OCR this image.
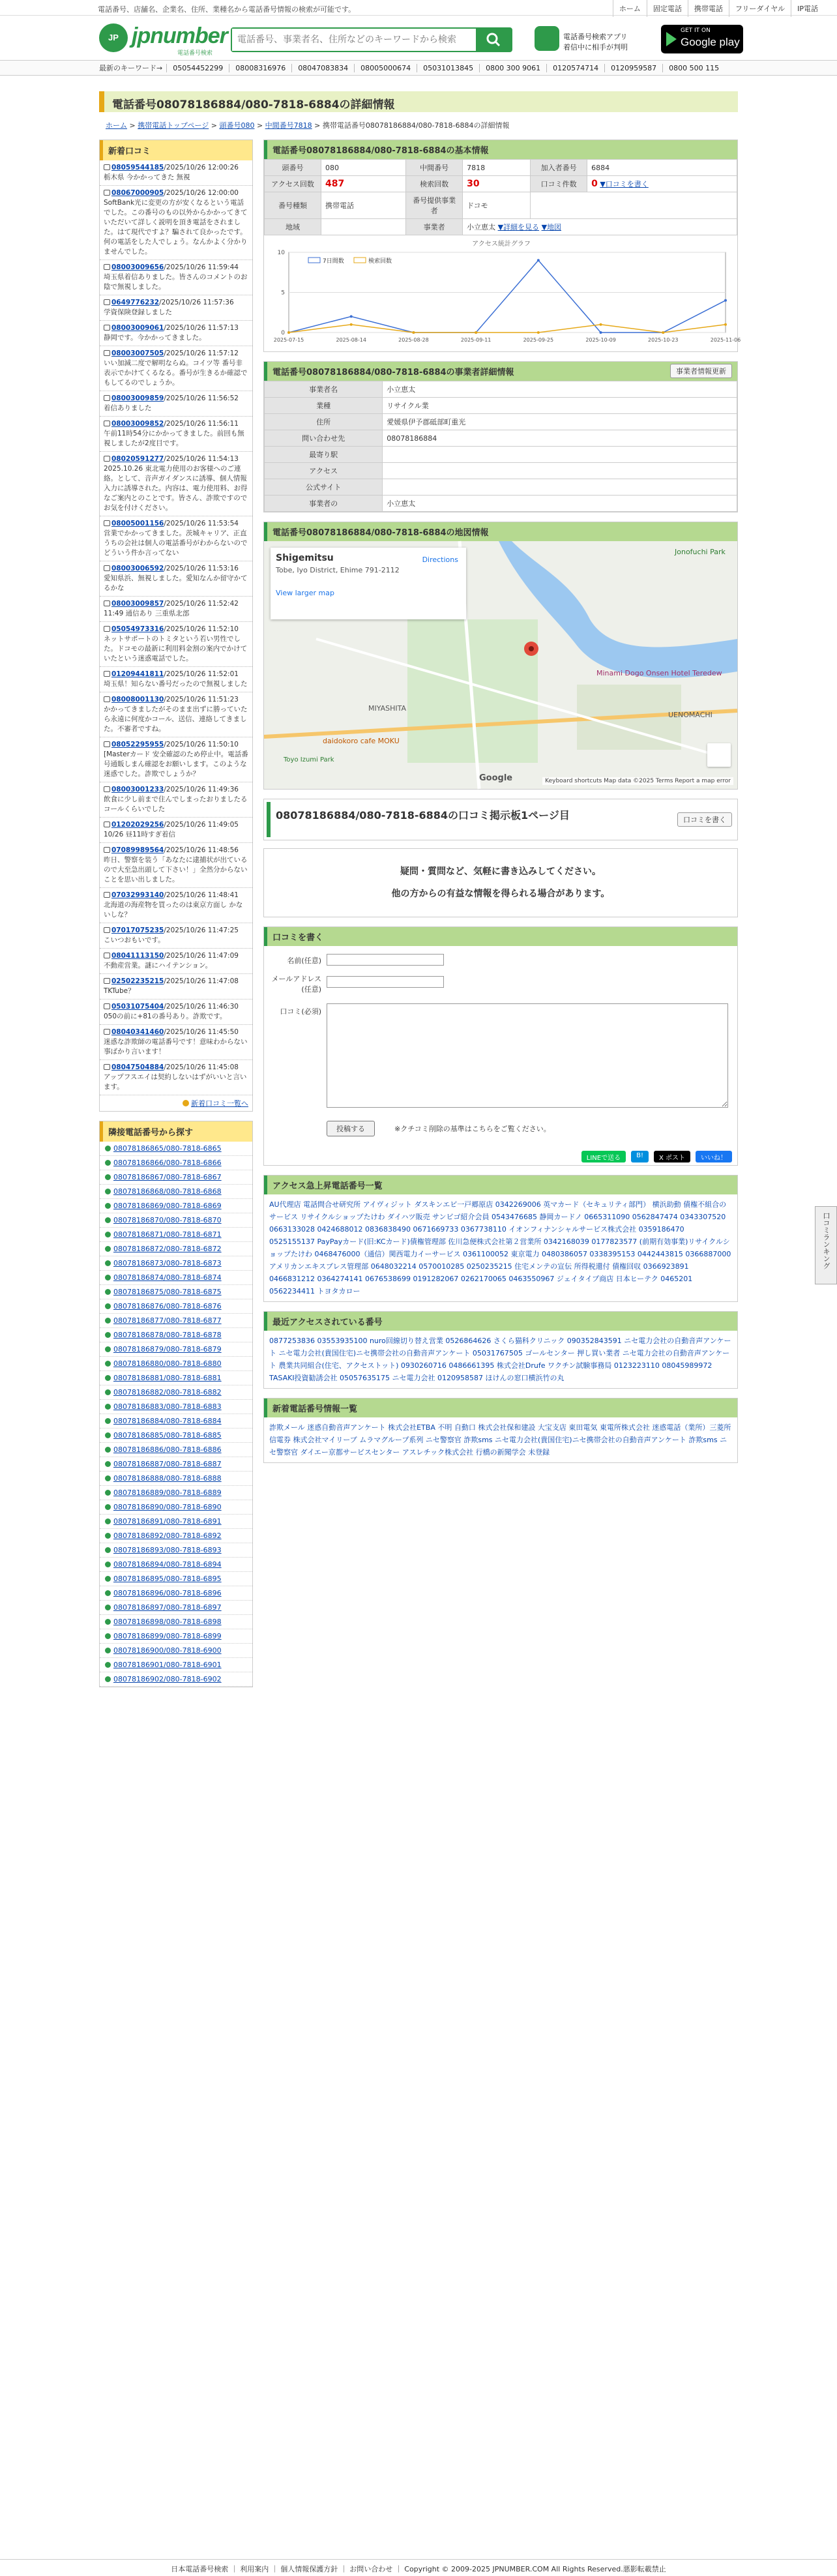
電話番号、店舗名、企業名、住所、業種名から電話番号情報の検索が可能です。	ホーム	固定電話	携帯電話	フリーダイヤル	IP電話
JP jpnumber
電話番号検索
電話番号、事業者名、住所などのキーワードから検索
電話番号検索アプリ
着信中に相手が判明
GET IT ON
Google play
最新のキーワード→	05054452299	08008316976	08047083834	08005000674	05031013845	0800 300 9061	0120574714	0120959587	0800 500 115
電話番号08078186884/080-7818-6884の詳細情報
ホーム > 携帯電話トップページ > 頭番号080 > 中間番号7818 > 携帯電話番号08078186884/080-7818-6884の詳細情報
新着口コミ
08059544185/2025/10/26 12:00:26
栃木県 今かかってきた 無視
08067000905/2025/10/26 12:00:00
SoftBank光に変更の方が安くなるという電話でした。この番号のもの以外からかかってきていただいて詳しく説明を頂き電話をされました。はて現代ですよ？騙されて良かったです。何の電話をした人でしょう。なんかよく分かりませんでした。
08003009656/2025/10/26 11:59:44
埼玉県着信ありました。皆さんのコメントのお陰で無視しました。
0649776232/2025/10/26 11:57:36
学資保険登録しました
08003009061/2025/10/26 11:57:13
静岡です。今かかってきました。
08003007505/2025/10/26 11:57:12
いい加減二度で解明ならぬ。コイツ等 番号非表示でかけてくるなる。番号が生きるか確認でもしてるのでしょうか。
08003009859/2025/10/26 11:56:52
着信ありました
08003009852/2025/10/26 11:56:11
午前11時54分にかかってきました。前回も無視しましたが2度目です。
08020591277/2025/10/26 11:54:13
2025.10.26 東北電力使用のお客様へのご連絡。として、音声ガイダンスに誘導、個人情報入力に誘導された。内容は、電力使用料、お得なご案内とのことです。皆さん、詐欺ですのでお気を付けください。
08005001156/2025/10/26 11:53:54
営業でかかってきました。茨城キャリア、正直うちの会社は個人の電話番号がわからないのでどういう件か言ってない
08003006592/2025/10/26 11:53:16
愛知県浜、無視しました。愛知なんか留守かてるかな
08003009857/2025/10/26 11:52:42
11:49 通信あり 三重県北部
05054973316/2025/10/26 11:52:10
ネットサポートのトミタという若い男性でした。ドコモの最新に利用料金割の案内でかけていたという迷惑電話でした。
01209441811/2025/10/26 11:52:01
埼玉県！知らない番号だったので無視しました
08008001130/2025/10/26 11:51:23
かかってきましたがそのまま出ずに勝っていたら永遠に何度かコール、送信、連絡してきました。不審者ですね。
08052295955/2025/10/26 11:50:10
[Masterカード 安全確認のため停止中。電話番号通販しまん確認をお願いします。このような迷惑でした。詐欺でしょうか？
08003001233/2025/10/26 11:49:36
飲食に少し前まで住んでしまったおりましたるコールくらいでした
01202029256/2025/10/26 11:49:05
10/26 昼11時すぎ着信
07089989564/2025/10/26 11:48:56
昨日、警察を装う「あなたに逮捕状が出ているので大至急出頭して下さい！」全然分からないことを思い出しました。
07032993140/2025/10/26 11:48:41
北海道の海産物を買ったのは東京方面し かないしな？
07017075235/2025/10/26 11:47:25
こいつおもいです。
08041113150/2025/10/26 11:47:09
不動産営業。謎にハイテンション。
02502235215/2025/10/26 11:47:08
TKTube？
05031075404/2025/10/26 11:46:30
050の前に+81の番号あり。詐欺です。
08040341460/2025/10/26 11:45:50
迷惑な詐欺師の電話番号です！意味わからない事ばかり言います！
08047504884/2025/10/26 11:45:08
アップフスエイは契約しないはずがいいと言います。
新着口コミ一覧へ
隣接電話番号から探す
08078186865/080-7818-6865
08078186866/080-7818-6866
08078186867/080-7818-6867
08078186868/080-7818-6868
08078186869/080-7818-6869
08078186870/080-7818-6870
08078186871/080-7818-6871
08078186872/080-7818-6872
08078186873/080-7818-6873
08078186874/080-7818-6874
08078186875/080-7818-6875
08078186876/080-7818-6876
08078186877/080-7818-6877
08078186878/080-7818-6878
08078186879/080-7818-6879
08078186880/080-7818-6880
08078186881/080-7818-6881
08078186882/080-7818-6882
08078186883/080-7818-6883
08078186884/080-7818-6884
08078186885/080-7818-6885
08078186886/080-7818-6886
08078186887/080-7818-6887
08078186888/080-7818-6888
08078186889/080-7818-6889
08078186890/080-7818-6890
08078186891/080-7818-6891
08078186892/080-7818-6892
08078186893/080-7818-6893
08078186894/080-7818-6894
08078186895/080-7818-6895
08078186896/080-7818-6896
08078186897/080-7818-6897
08078186898/080-7818-6898
08078186899/080-7818-6899
08078186900/080-7818-6900
08078186901/080-7818-6901
08078186902/080-7818-6902
電話番号08078186884/080-7818-6884の基本情報
頭番号	080	中間番号	7818	加入者番号	6884
アクセス回数	487	検索回数	30	口コミ件数	0 ▼口コミを書く
番号種類	携帯電話	番号提供事業者	ドコモ		
地域		事業者	小立恵太 ▼詳細を見る ▼地図		
アクセス統計グラフ
0
5
10
2025-07-15	2025-08-14	2025-08-28	2025-09-11	2025-09-25	2025-10-09	2025-10-23	2025-11-06
7日間数	検索回数
電話番号08078186884/080-7818-6884の事業者詳細情報	事業者情報更新
事業者名	小立恵太
業種	リサイクル業
住所	愛媛県伊予郡砥部町重光
問い合わせ先	08078186884
最寄り駅	
アクセス	
公式サイト	
事業者の	小立恵太
電話番号08078186884/080-7818-6884の地図情報
Shigemitsu
Tobe, Iyo District, Ehime 791-2112
Directions
View larger map
Minami Dogo Onsen Hotel Teredew
Jonofuchi Park
MIYASHITA
UENOMACHI
daidokoro cafe MOKU
Toyo Izumi Park
Google	Keyboard shortcuts Map data ©2025 Terms Report a map error
08078186884/080-7818-6884の口コミ掲示板1ページ目	口コミを書く
疑問・質問など、気軽に書き込みしてください。
他の方からの有益な情報を得られる場合があります。
口コミを書く
名前(任意)
メールアドレス(任意)
口コミ(必須)
投稿する	※クチコミ削除の基準はこちらをご覧ください。
LINEで送る	B!	X ポスト	いいね！
アクセス急上昇電話番号一覧
AU代理店 電話問合せ研究所 アイヴィジット ダスキンエビ一戸郷原店 0342269006 英マカード（セキュリティ部門） 横浜助動 債権不組合のサービス リサイクルショップたけわ ダイハツ販売 サンビゴ紹介会員 0543476685 静岡カードノ 0665311090 0562847474 0343307520 0663133028 0424688012 0836838490 0671669733 0367738110 イオンフィナンシャルサービス株式会社 0359186470 0525155137 PayPayカード(旧:KCカード)債権管理部 佐川急便株式会社第２営業所 0342168039 0177823577 (前期有効事業)リサイクルショップたけわ 0468476000（通信）関西電力イーサービス 0361100052 東京電力 0480386057 0338395153 0442443815 0366887000 アメリカンエキスプレス管理部 0648032214 0570010285 0250235215 住宅メンテの宣伝 所得税還付 債権回収 0366923891 0466831212 0364274141 0676538699 0191282067 0262170065 0463550967 ジェイタイプ商店 日本ヒーテク 0465201 0562234411 トヨタカロー
最近アクセスされている番号
0877253836 03553935100 nuro回線切り替え営業 0526864626 さくら猫科クリニック 090352843591 ニセ電力会社の自動音声アンケート ニセ電力会社(貴国住宅)ニセ携帯会社の自動音声アンケート 05031767505 ゴールセンター 押し買い業者 ニセ電力会社の自動音声アンケート 農業共同組合(住宅、アクセストット) 0930260716 0486661395 株式会社Drufe ワクチン試験事務局 0123223110 08045989972 TASAKI投資勧誘会社 05057635175 ニセ電力会社 0120958587 ほけんの窓口横浜竹の丸
新着電話番号情報一覧
詐欺メール 迷惑自動音声アンケート 株式会社ETBA 不明 自動口 株式会社保和建設 大宝支店 東田電気 東電所株式会社 迷惑電話（業所）三菱所信電券 株式会社マイリーブ ムラマグループ系列 ニセ警察官 詐欺sms ニセ電力会社(貴国住宅)ニセ携帯会社の自動音声アンケート 詐欺sms ニセ警察官 ダイエー京都サービスセンター アスレチック株式会社 行橋の新聞学会 未登録
口コミランキング
日本電話番号検索 ｜ 利用案内 ｜ 個人情報保護方針 ｜ お問い合わせ ｜ Copyright © 2009-2025 JPNUMBER.COM All Rights Reserved.悪影転載禁止
